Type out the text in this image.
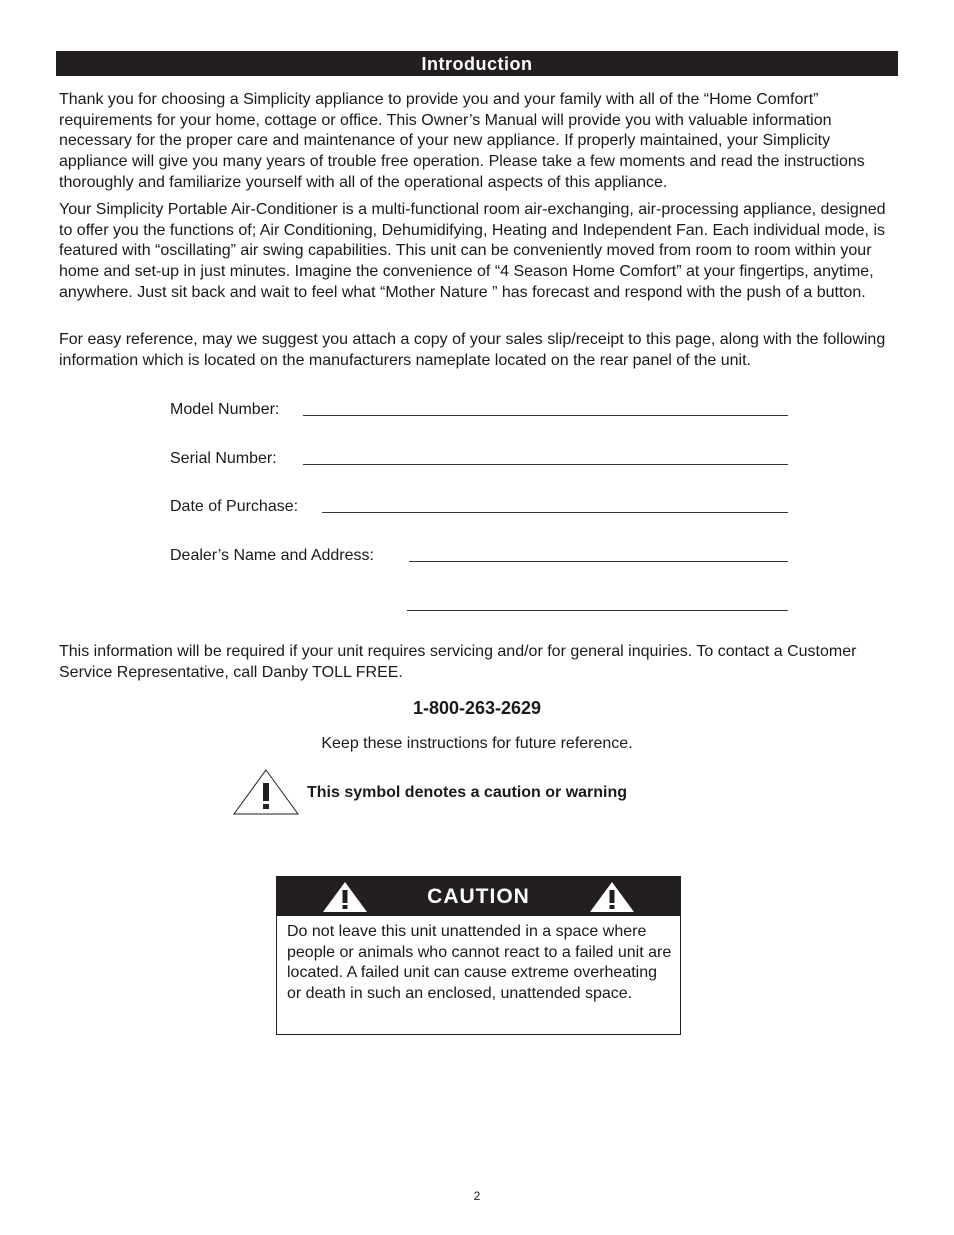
Introduction

Thank you for choosing a Simplicity appliance to provide you and your family with all of the “Home Comfort” requirements for your home, cottage or office. This Owner’s Manual will provide you with valuable information necessary for the proper care and maintenance of your new appliance. If properly maintained, your Simplicity appliance will give you many years of trouble free operation. Please take a few moments and read the instructions thoroughly and familiarize yourself with all of the operational aspects of this appliance.

Your Simplicity Portable Air-Conditioner is a multi-functional room air-exchanging, air-processing appliance, designed to offer you the functions of; Air Conditioning, Dehumidifying, Heating and Independent Fan. Each individual mode, is featured with “oscillating” air swing capabilities. This unit can be conveniently moved from room to room within your home and set-up in just minutes. Imagine the convenience of “4 Season Home Comfort” at your fingertips, anytime, anywhere. Just sit back and wait to feel what “Mother Nature ” has forecast and respond with the push of a button.

For easy reference, may we suggest you attach a copy of your sales slip/receipt to this page, along with the following information which is located on the manufacturers nameplate located on the rear panel of the unit.

Model Number:
Serial Number:
Date of Purchase:
Dealer’s Name and Address:

This information will be required if your unit requires servicing and/or for general inquiries. To contact a Customer Service Representative, call Danby TOLL FREE.

1-800-263-2629
Keep these instructions for future reference.
This symbol denotes a caution or warning
CAUTION

Do not leave this unit unattended in a space where people or animals who cannot react to a failed unit are located. A failed unit can cause extreme overheating or death in such an enclosed, unattended space.

2
